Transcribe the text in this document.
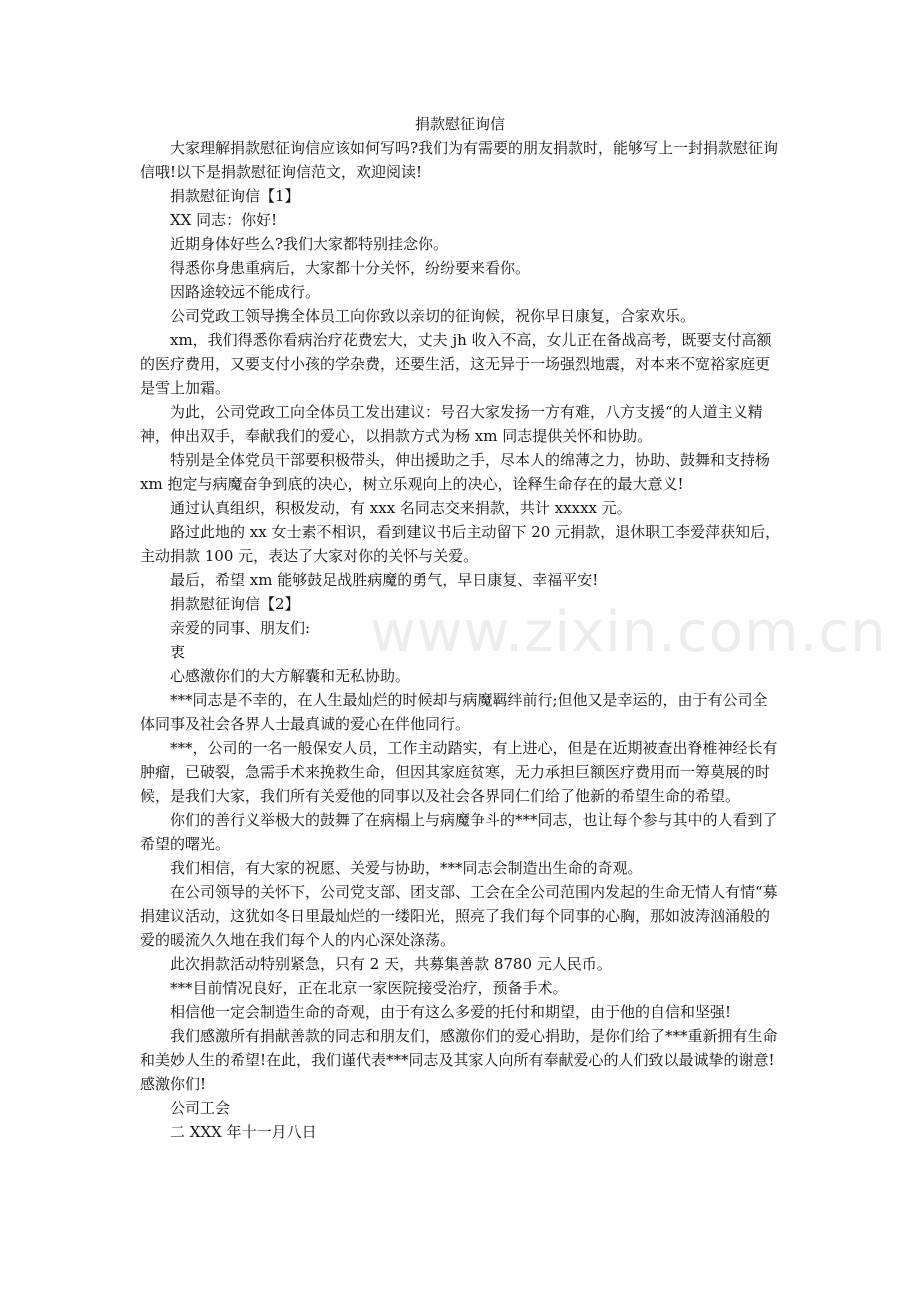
捐款慰征询信

大家理解捐款慰征询信应该如何写吗?我们为有需要的朋友捐款时，能够写上一封捐款慰征询信哦!以下是捐款慰征询信范文，欢迎阅读!

捐款慰征询信【1】

XX 同志：你好!

近期身体好些么?我们大家都特别挂念你。

得悉你身患重病后，大家都十分关怀，纷纷要来看你。

因路途较远不能成行。

公司党政工领导携全体员工向你致以亲切的征询候，祝你早日康复，合家欢乐。

xm，我们得悉你看病治疗花费宏大，丈夫 jh 收入不高，女儿正在备战高考，既要支付高额的医疗费用，又要支付小孩的学杂费，还要生活，这无异于一场强烈地震，对本来不宽裕家庭更是雪上加霜。

为此，公司党政工向全体员工发出建议：号召大家发扬一方有难，八方支援“的人道主义精神，伸出双手，奉献我们的爱心，以捐款方式为杨 xm 同志提供关怀和协助。

特别是全体党员干部要积极带头，伸出援助之手，尽本人的绵薄之力，协助、鼓舞和支持杨 xm 抱定与病魔奋争到底的决心，树立乐观向上的决心，诠释生命存在的最大意义!

通过认真组织，积极发动，有 xxx 名同志交来捐款，共计 xxxxx 元。

路过此地的 xx 女士素不相识，看到建议书后主动留下 20 元捐款，退休职工李爱萍获知后，主动捐款 100 元，表达了大家对你的关怀与关爱。

最后，希望 xm 能够鼓足战胜病魔的勇气，早日康复、幸福平安!

捐款慰征询信【2】

亲爱的同事、朋友们:

衷

心感激你们的大方解囊和无私协助。

***同志是不幸的，在人生最灿烂的时候却与病魔羁绊前行;但他又是幸运的，由于有公司全体同事及社会各界人士最真诚的爱心在伴他同行。

***，公司的一名一般保安人员，工作主动踏实，有上进心，但是在近期被查出脊椎神经长有肿瘤，已破裂，急需手术来挽救生命，但因其家庭贫寒，无力承担巨额医疗费用而一筹莫展的时候，是我们大家，我们所有关爱他的同事以及社会各界同仁们给了他新的希望生命的希望。

你们的善行义举极大的鼓舞了在病榻上与病魔争斗的***同志，也让每个参与其中的人看到了希望的曙光。

我们相信，有大家的祝愿、关爱与协助，***同志会制造出生命的奇观。

在公司领导的关怀下，公司党支部、团支部、工会在全公司范围内发起的生命无情人有情“募捐建议活动，这犹如冬日里最灿烂的一缕阳光，照亮了我们每个同事的心胸，那如波涛汹涌般的爱的暖流久久地在我们每个人的内心深处涤荡。

此次捐款活动特别紧急，只有 2 天，共募集善款 8780 元人民币。

***目前情况良好，正在北京一家医院接受治疗，预备手术。

相信他一定会制造生命的奇观，由于有这么多爱的托付和期望，由于他的自信和坚强!

我们感激所有捐献善款的同志和朋友们，感激你们的爱心捐助，是你们给了***重新拥有生命和美妙人生的希望!在此，我们谨代表***同志及其家人向所有奉献爱心的人们致以最诚挚的谢意!感激你们!

公司工会

二 XXX 年十一月八日

www.zixin.com.cn
